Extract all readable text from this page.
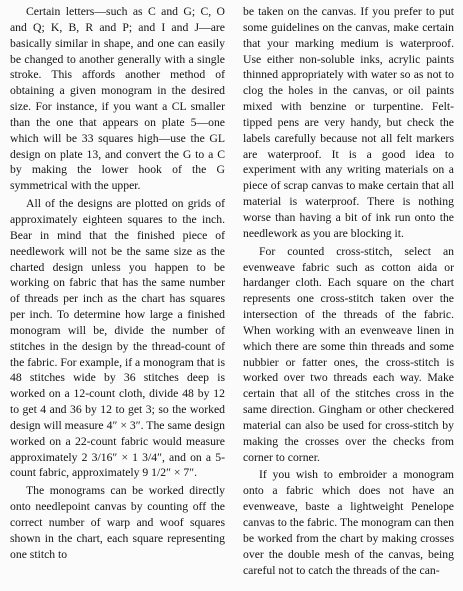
Certain letters—such as C and G; C, O and Q; K, B, R and P; and I and J—are basically similar in shape, and one can easily be changed to another generally with a single stroke. This affords another method of obtaining a given monogram in the desired size. For instance, if you want a CL smaller than the one that appears on plate 5—one which will be 33 squares high—use the GL design on plate 13, and convert the G to a C by making the lower hook of the G symmetrical with the upper.

All of the designs are plotted on grids of approximately eighteen squares to the inch. Bear in mind that the finished piece of needlework will not be the same size as the charted design unless you happen to be working on fabric that has the same number of threads per inch as the chart has squares per inch. To determine how large a finished monogram will be, divide the number of stitches in the design by the thread-count of the fabric. For example, if a monogram that is 48 stitches wide by 36 stitches deep is worked on a 12-count cloth, divide 48 by 12 to get 4 and 36 by 12 to get 3; so the worked design will measure 4″ × 3″. The same design worked on a 22-count fabric would measure approximately 2 3/16″ × 1 3/4″, and on a 5-count fabric, approximately 9 1/2″ × 7″.

The monograms can be worked directly onto needlepoint canvas by counting off the correct number of warp and woof squares shown in the chart, each square representing one stitch to

be taken on the canvas. If you prefer to put some guidelines on the canvas, make certain that your marking medium is waterproof. Use either non-soluble inks, acrylic paints thinned appropriately with water so as not to clog the holes in the canvas, or oil paints mixed with benzine or turpentine. Felt-tipped pens are very handy, but check the labels carefully because not all felt markers are waterproof. It is a good idea to experiment with any writing materials on a piece of scrap canvas to make certain that all material is waterproof. There is nothing worse than having a bit of ink run onto the needlework as you are blocking it.

For counted cross-stitch, select an evenweave fabric such as cotton aida or hardanger cloth. Each square on the chart represents one cross-stitch taken over the intersection of the threads of the fabric. When working with an evenweave linen in which there are some thin threads and some nubbier or fatter ones, the cross-stitch is worked over two threads each way. Make certain that all of the stitches cross in the same direction. Gingham or other checkered material can also be used for cross-stitch by making the crosses over the checks from corner to corner.

If you wish to embroider a monogram onto a fabric which does not have an evenweave, baste a lightweight Penelope canvas to the fabric. The monogram can then be worked from the chart by making crosses over the double mesh of the canvas, being careful not to catch the threads of the can-
